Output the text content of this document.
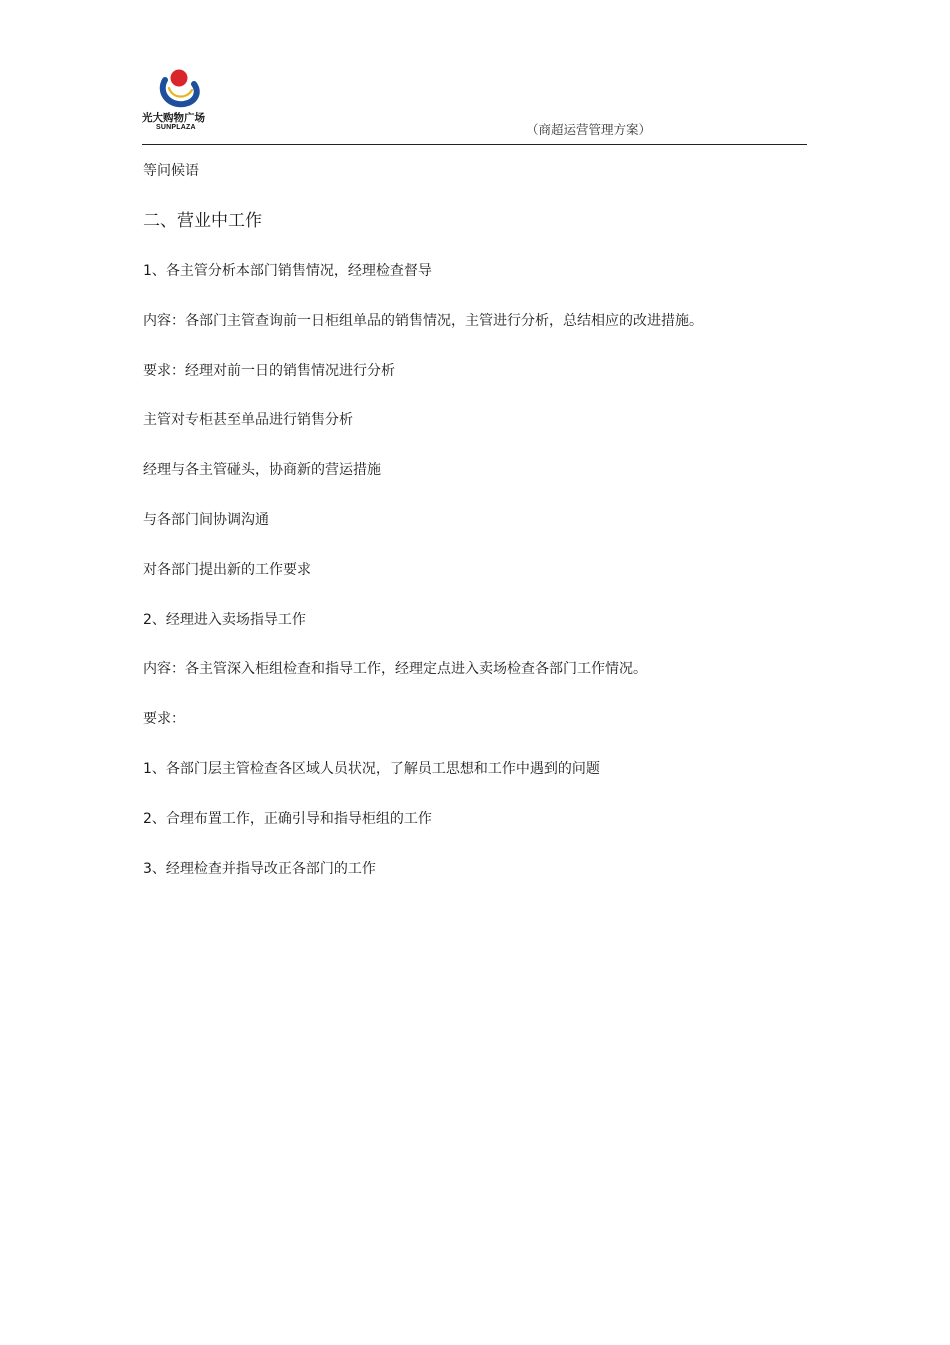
光大购物广场
SUNPLAZA	（商超运营管理方案）
等问候语
二、营业中工作
1、各主管分析本部门销售情况，经理检查督导
内容：各部门主管查询前一日柜组单品的销售情况，主管进行分析，总结相应的改进措施。
要求：经理对前一日的销售情况进行分析
主管对专柜甚至单品进行销售分析
经理与各主管碰头，协商新的营运措施
与各部门间协调沟通
对各部门提出新的工作要求
2、经理进入卖场指导工作
内容：各主管深入柜组检查和指导工作，经理定点进入卖场检查各部门工作情况。
要求：
1、各部门层主管检查各区域人员状况，了解员工思想和工作中遇到的问题
2、合理布置工作，正确引导和指导柜组的工作
3、经理检查并指导改正各部门的工作
